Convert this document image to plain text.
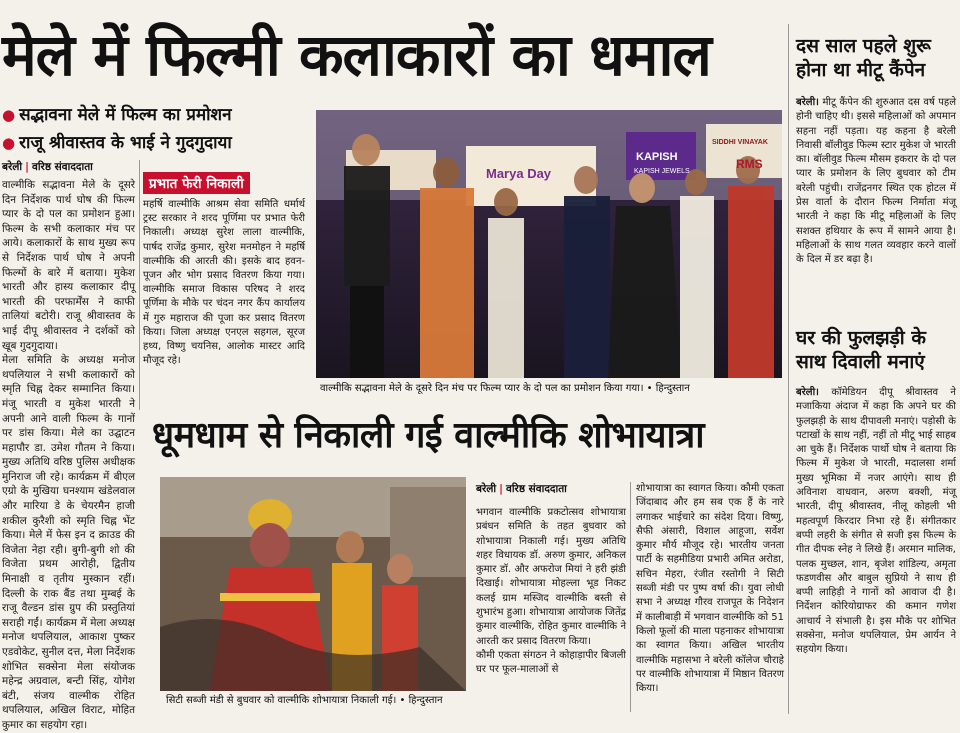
मेले में फिल्मी कलाकारों का धमाल
● सद्भावना मेले में फिल्म का प्रमोशन
● राजू श्रीवास्तव के भाई ने गुदगुदाया
बरेली | वरिष्ठ संवाददाता
वाल्मीकि सद्भावना मेले के दूसरे दिन निर्देशक पार्थ घोष की फिल्म प्यार के दो पल का प्रमोशन हुआ। फिल्म के सभी कलाकार मंच पर आये। कलाकारों के साथ मुख्य रूप से निर्देशक पार्थ घोष ने अपनी फिल्मों के बारे में बताया। मुकेश भारती और हास्य कलाकार दीपू भारती की परफार्मेंस ने काफी तालियां बटोरी। राजू श्रीवास्तव के भाई दीपू श्रीवास्तव ने दर्शकों को खूब गुदगुदाया।
मेला समिति के अध्यक्ष मनोज थपलियाल ने सभी कलाकारों को स्मृति चिह्न देकर सम्मानित किया। मंजू भारती व मुकेश भारती ने अपनी आने वाली फिल्म के गानों पर डांस किया। मेले का उद्घाटन महापौर डा. उमेश गौतम ने किया। मुख्य अतिथि वरिष्ठ पुलिस अधीक्षक मुनिराज जी रहे। कार्यक्रम में बीएल एग्रो के मुखिया घनश्याम खंडेलवाल और मारिया डे के चेयरमैन हाजी शकील कुरैशी को स्मृति चिह्न भेंट किया। मेले में फेस इन द क्राउड की विजेता नेहा रही। बुगी-बुगी शो की विजेता प्रथम आरोही, द्वितीय मिनाक्षी व तृतीय मुस्कान रहीं। दिल्ली के राक बैंड तथा मुम्बई के राजू वैल्डन डांस ग्रुप की प्रस्तुतियां सराही गईं। कार्यक्रम में मेला अध्यक्ष मनोज थपलियाल, आकाश पुष्कर एडवोकेट, सुनील दत्त, मेला निर्देशक शोभित सक्सेना मेला संयोजक महेन्द्र अग्रवाल, बन्टी सिंह, योगेश बंटी, संजय वाल्मीक रोहित थपलियाल, अखिल विराट, मोहित कुमार का सहयोग रहा।
प्रभात फेरी निकाली
महर्षि वाल्मीकि आश्रम सेवा समिति धर्मार्थ ट्रस्ट सरकार ने शरद पूर्णिमा पर प्रभात फेरी निकाली। अध्यक्ष सुरेश लाला वाल्मीकि, पार्षद राजेंद्र कुमार, सुरेश मनमोहन ने महर्षि वाल्मीकि की आरती की। इसके बाद हवन-पूजन और भोग प्रसाद वितरण किया गया। वाल्मीकि समाज विकास परिषद ने शरद पूर्णिमा के मौके पर चंदन नगर कैंप कार्यालय में गुरु महाराज की पूजा कर प्रसाद वितरण किया। जिला अध्यक्ष एनएल सहगल, सूरज हथ्य, विष्णु चयनिस, आलोक मास्टर आदि मौजूद रहे।
Marya Day
KAPISH
KAPISH JEWELS
SIDDHI VINAYAK
RMS
वाल्मीकि सद्भावना मेले के दूसरे दिन मंच पर फिल्म प्यार के दो पल का प्रमोशन किया गया। • हिन्दुस्तान
धूमधाम से निकाली गई वाल्मीकि शोभायात्रा
सिटी सब्जी मंडी से बुधवार को वाल्मीकि शोभायात्रा निकाली गई। • हिन्दुस्तान
बरेली | वरिष्ठ संवाददाता
भगवान वाल्मीकि प्रकटोत्सव शोभायात्रा प्रबंधन समिति के तहत बुधवार को शोभायात्रा निकाली गई। मुख्य अतिथि शहर विधायक डॉ. अरुण कुमार, अनिकल कुमार डॉ. और अफरोज मियां ने हरी झंडी दिखाई। शोभायात्रा मोहल्ला भूड निकट कलई ग्राम मस्जिद वाल्मीकि बस्ती से शुभारंभ हुआ। शोभायात्रा आयोजक जितेंद्र कुमार वाल्मीकि, रोहित कुमार वाल्मीकि ने आरती कर प्रसाद वितरण किया।
कौमी एकता संगठन ने कोहाड़ापीर बिजली घर पर फूल-मालाओं से
शोभायात्रा का स्वागत किया। कौमी एकता जिंदाबाद और हम सब एक हैं के नारे लगाकर भाईचारे का संदेश दिया। विष्णु, सैफी अंसारी, विशाल आहूजा, सर्वेश कुमार मौर्य मौजूद रहे। भारतीय जनता पार्टी के सहमीडिया प्रभारी अमित अरोडा, सचिन मेहरा, रंजीत रस्तोगी ने सिटी सब्जी मंडी पर पुष्प वर्षा की। युवा लोधी सभा ने अध्यक्ष गौरव राजपूत के निदेशन में कालीबाड़ी में भगवान वाल्मीकि को 51 किलो फूलों की माला पहनाकर शोभायात्रा का स्वागत किया। अखिल भारतीय वाल्मीकि महासभा ने बरेली कॉलेज चौराहे पर वाल्मीकि शोभायात्रा में मिष्ठान वितरण किया।
दस साल पहले शुरू होना था मीटू कैंपेन
बरेली। मीटू कैंपेन की शुरुआत दस वर्ष पहले होनी चाहिए थी। इससे महिलाओं को अपमान सहना नहीं पड़ता। यह कहना है बरेली निवासी बॉलीवुड फिल्म स्टार मुकेश जे भारती का। बॉलीवुड फिल्म मौसम इकरार के दो पल प्यार के प्रमोशन के लिए बुधवार को टीम बरेली पहुंची। राजेंद्रनगर स्थित एक होटल में प्रेस वार्ता के दौरान फिल्म निर्माता मंजू भारती ने कहा कि मीटू महिलाओं के लिए सशक्त हथियार के रूप में सामने आया है। महिलाओं के साथ गलत व्यवहार करने वालों के दिल में डर बढ़ा है।
घर की फुलझड़ी के साथ दिवाली मनाएं
बरेली। कॉमेडियन दीपू श्रीवास्तव ने मजाकिया अंदाज में कहा कि अपने घर की फुलझड़ी के साथ दीपावली मनाएं। पड़ोसी के पटाखों के साथ नहीं, नहीं तो मीटू भाई साहब आ चुके हैं। निर्देशक पार्थो घोष ने बताया कि फिल्म में मुकेश जे भारती, मदालसा शर्मा मुख्य भूमिका में नजर आएंगे। साथ ही अविनाश वाधवान, अरुण बक्शी, मंजू भारती, दीपू श्रीवास्तव, नीलू कोहली भी महत्वपूर्ण किरदार निभा रहे हैं। संगीतकार बप्पी लहरी के संगीत से सजी इस फिल्म के गीत दीपक स्नेह ने लिखे हैं। अरमान मालिक, पलक मुच्छल, शान, बृजेश शांडिल्य, अमृता फडणवीस और बाबुल सुप्रियो ने साथ ही बप्पी लाहिड़ी ने गानों को आवाज दी है। निर्देशन कोरियोग्राफर की कमान गणेश आचार्य ने संभाली है। इस मौके पर शोभित सक्सेना, मनोज थपलियाल, प्रेम आर्यन ने सहयोग किया।
